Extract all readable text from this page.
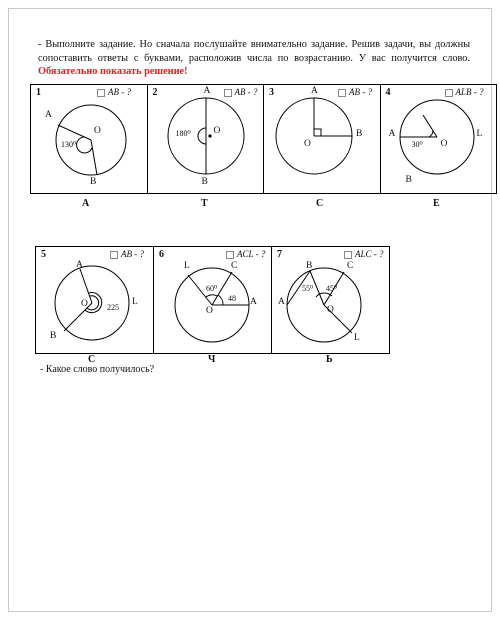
- Выполните задание. Но сначала послушайте внимательно задание. Решив задачи, вы должны сопоставить ответы с буквами, расположив числа по возрастанию. У вас получится слово. Обязательно показать решение!
1	AB - ?
A
O
B
130⁰
2	AB - ?
A
O
B
180⁰
3	AB - ?
A
O
B
4	ALB - ?
A
O
B
L
30⁰
А	Т	С	Е
5	AB - ?
A
O
B
L
225
6	ACL - ?
L	C
A
O
60⁰
48
7	ALC - ?
B	C
A
O
L
55⁰ 45⁰
С	Ч	Ь
- Какое слово получилось?
